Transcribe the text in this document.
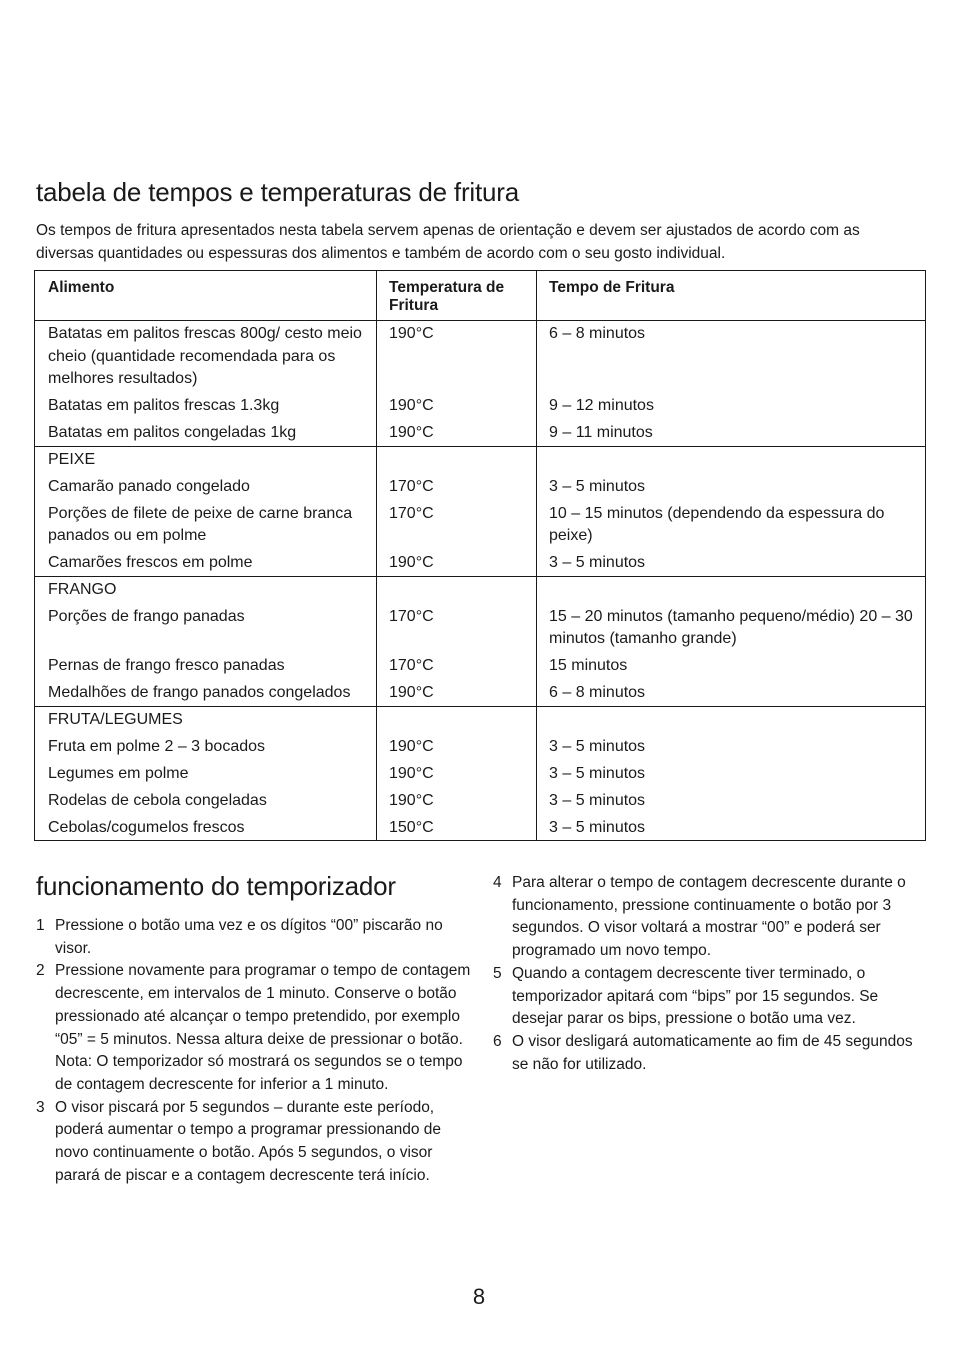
tabela de tempos e temperaturas de fritura

Os tempos de fritura apresentados nesta tabela servem apenas de orientação e devem ser ajustados de acordo com as diversas quantidades ou espessuras dos alimentos e também de acordo com o seu gosto individual.

Alimento	Temperatura de Fritura	Tempo de Fritura
Batatas em palitos frescas 800g/ cesto meio cheio (quantidade recomendada para os melhores resultados)	190°C	6 – 8 minutos
Batatas em palitos frescas 1.3kg	190°C	9 – 12 minutos
Batatas em palitos congeladas 1kg	190°C	9 – 11 minutos
PEIXE		
Camarão panado congelado	170°C	3 – 5 minutos
Porções de filete de peixe de carne branca panados ou em polme	170°C	10 – 15 minutos (dependendo da espessura do peixe)
Camarões frescos em polme	190°C	3 – 5 minutos
FRANGO		
Porções de frango panadas	170°C	15 – 20 minutos (tamanho pequeno/médio) 20 – 30 minutos (tamanho grande)
Pernas de frango fresco panadas	170°C	15 minutos
Medalhões de frango panados congelados	190°C	6 – 8 minutos
FRUTA/LEGUMES		
Fruta em polme 2 – 3 bocados	190°C	3 – 5 minutos
Legumes em polme	190°C	3 – 5 minutos
Rodelas de cebola congeladas	190°C	3 – 5 minutos
Cebolas/cogumelos frescos	150°C	3 – 5 minutos
funcionamento do temporizador
1 Pressione o botão uma vez e os dígitos “00” piscarão no visor.
2 Pressione novamente para programar o tempo de contagem decrescente, em intervalos de 1 minuto. Conserve o botão pressionado até alcançar o tempo pretendido, por exemplo “05” = 5 minutos. Nessa altura deixe de pressionar o botão.
Nota: O temporizador só mostrará os segundos se o tempo de contagem decrescente for inferior a 1 minuto.
3 O visor piscará por 5 segundos – durante este período, poderá aumentar o tempo a programar pressionando de novo continuamente o botão. Após 5 segundos, o visor parará de piscar e a contagem decrescente terá início.
4 Para alterar o tempo de contagem decrescente durante o funcionamento, pressione continuamente o botão por 3 segundos. O visor voltará a mostrar “00” e poderá ser programado um novo tempo.
5 Quando a contagem decrescente tiver terminado, o temporizador apitará com “bips” por 15 segundos. Se desejar parar os bips, pressione o botão uma vez.
6 O visor desligará automaticamente ao fim de 45 segundos se não for utilizado.
8
